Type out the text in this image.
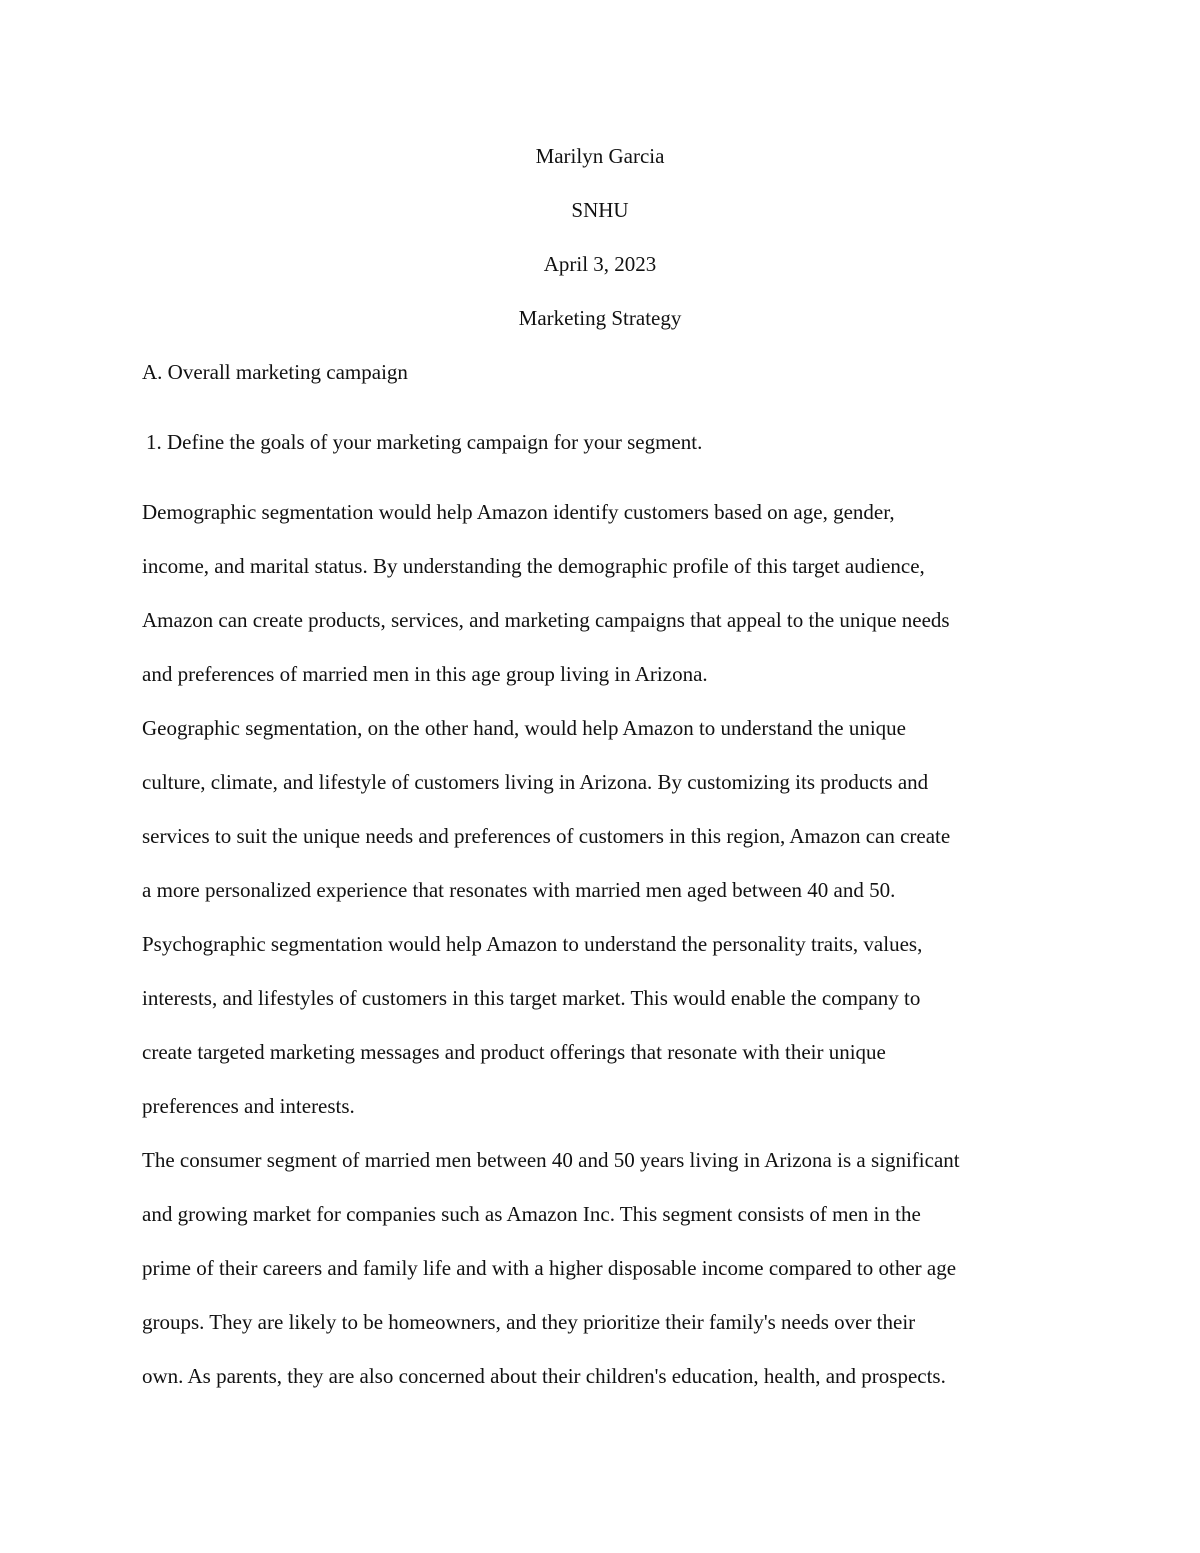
Marilyn Garcia
SNHU
April 3, 2023
Marketing Strategy
A. Overall marketing campaign
1. Define the goals of your marketing campaign for your segment.
Demographic segmentation would help Amazon identify customers based on age, gender,
income, and marital status. By understanding the demographic profile of this target audience,
Amazon can create products, services, and marketing campaigns that appeal to the unique needs
and preferences of married men in this age group living in Arizona.
Geographic segmentation, on the other hand, would help Amazon to understand the unique
culture, climate, and lifestyle of customers living in Arizona. By customizing its products and
services to suit the unique needs and preferences of customers in this region, Amazon can create
a more personalized experience that resonates with married men aged between 40 and 50.
Psychographic segmentation would help Amazon to understand the personality traits, values,
interests, and lifestyles of customers in this target market. This would enable the company to
create targeted marketing messages and product offerings that resonate with their unique
preferences and interests.
The consumer segment of married men between 40 and 50 years living in Arizona is a significant
and growing market for companies such as Amazon Inc. This segment consists of men in the
prime of their careers and family life and with a higher disposable income compared to other age
groups. They are likely to be homeowners, and they prioritize their family's needs over their
own. As parents, they are also concerned about their children's education, health, and prospects.
